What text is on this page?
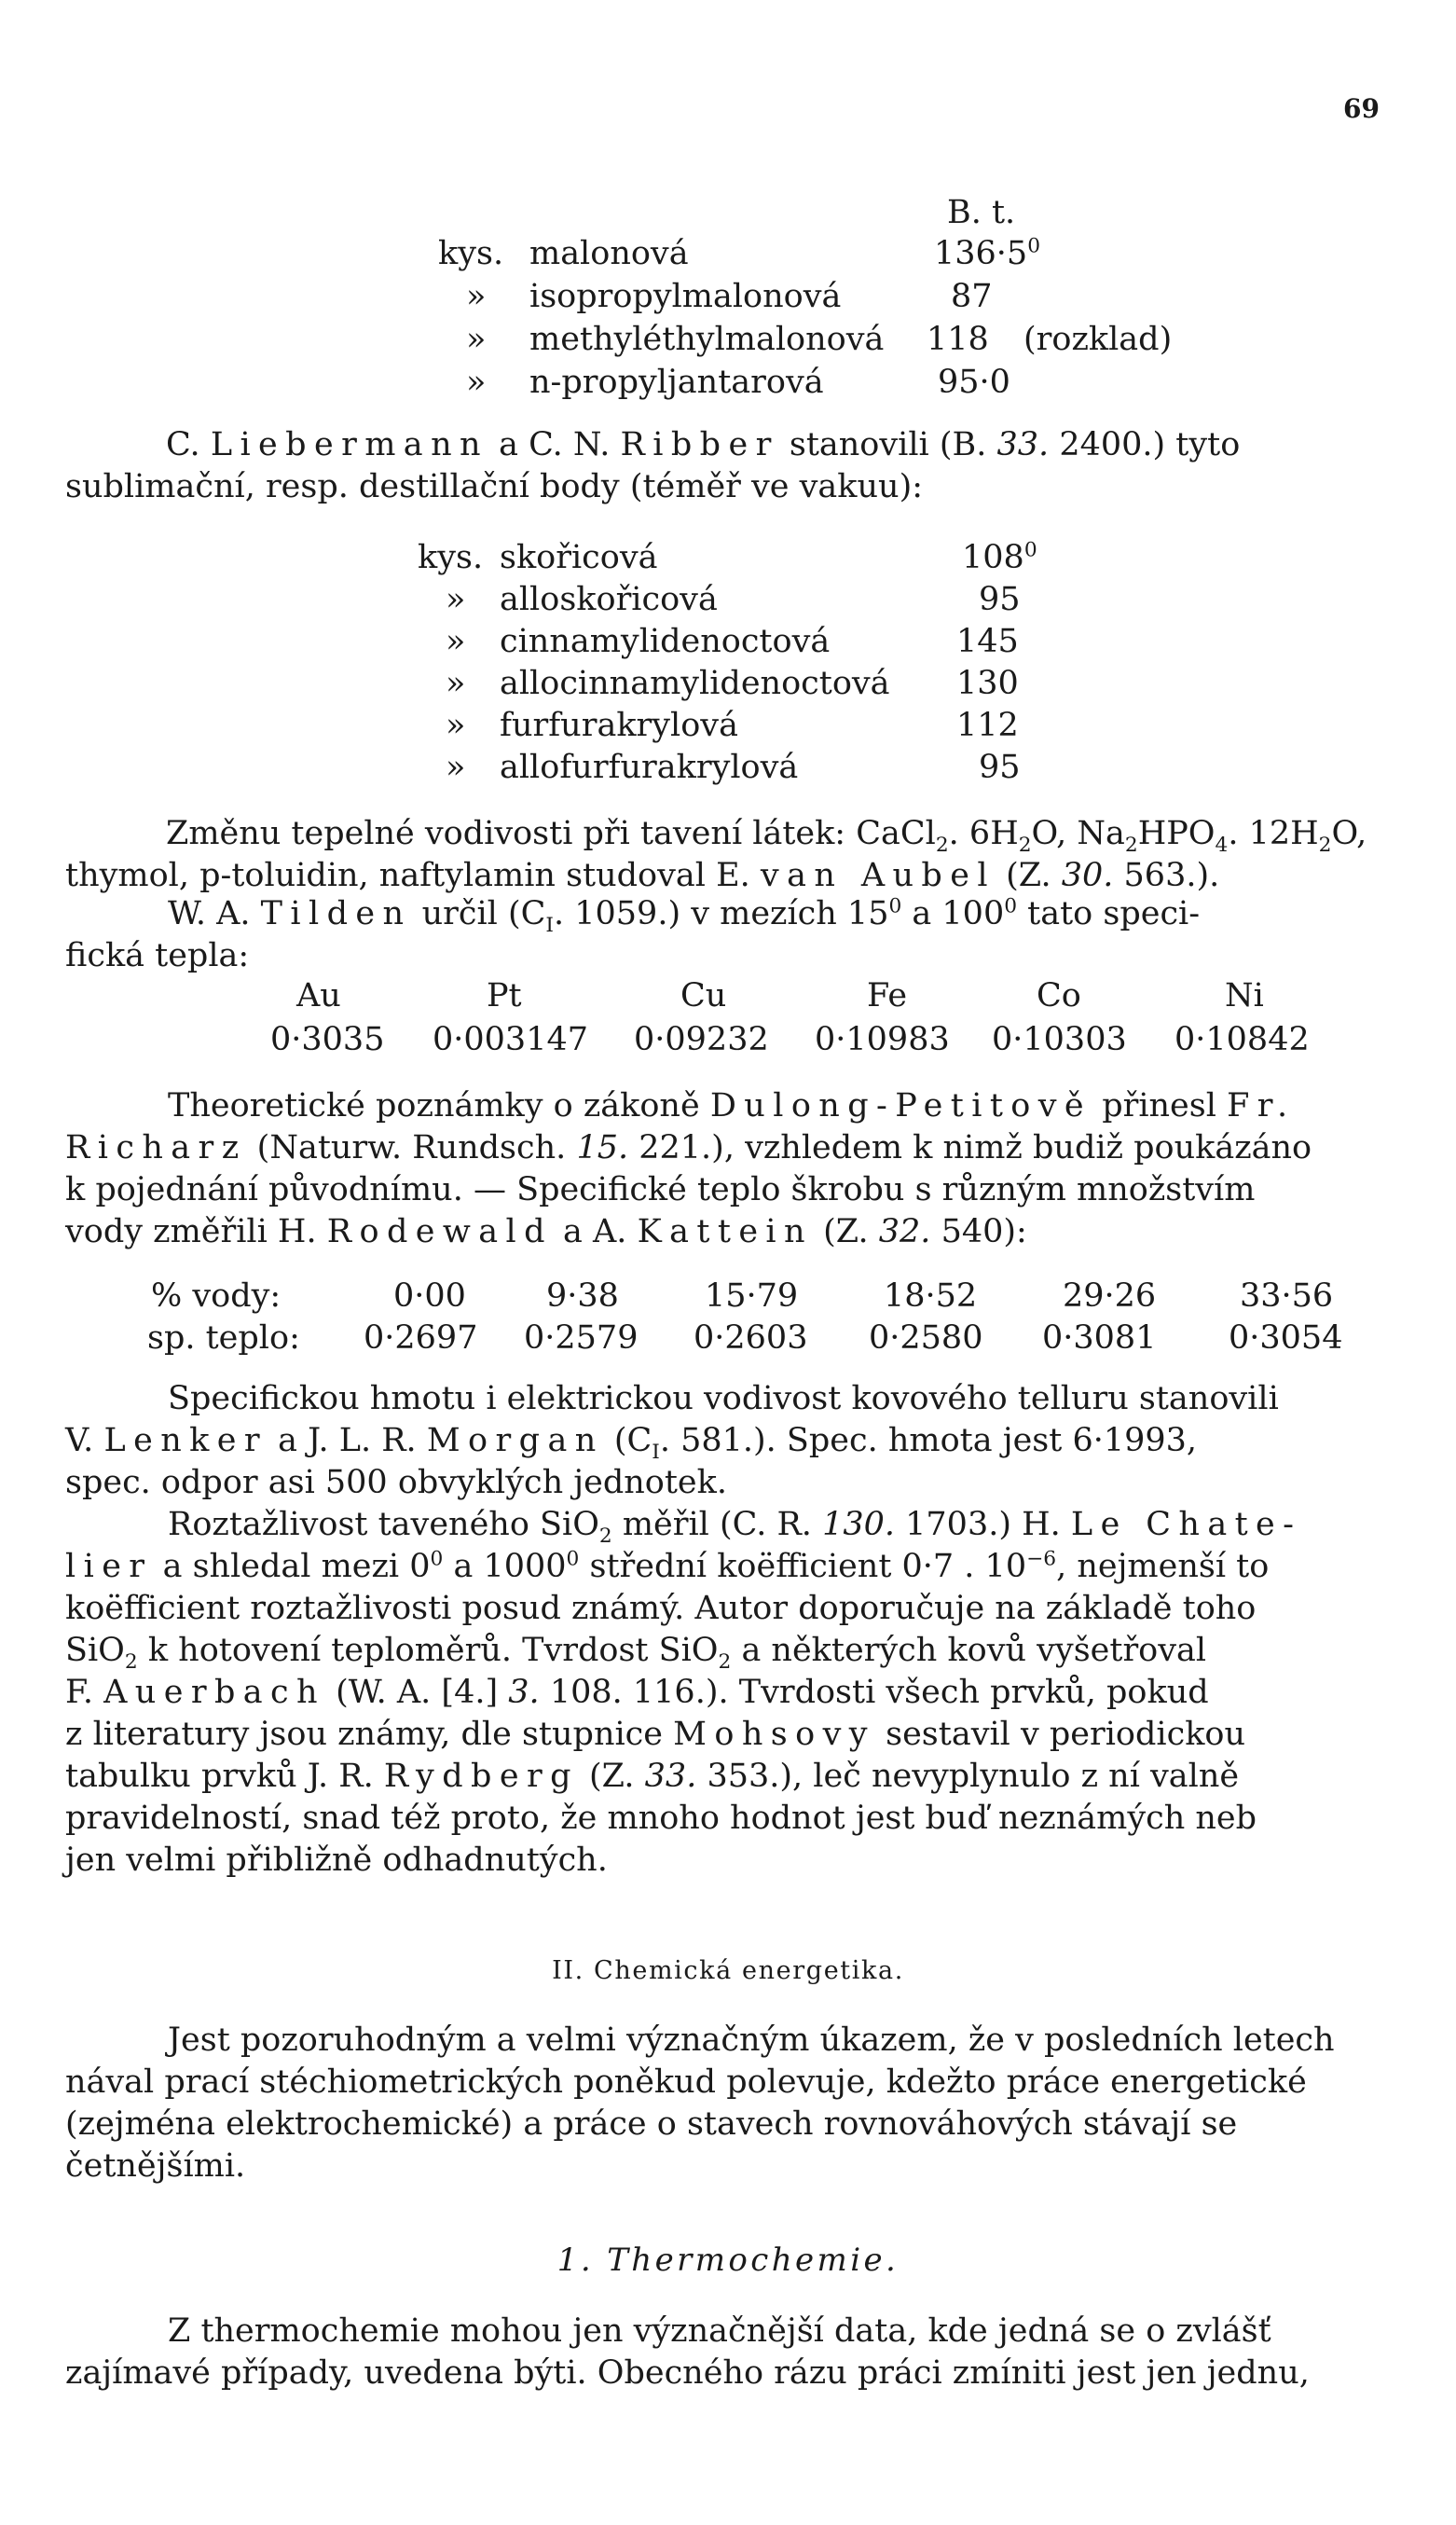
69
B. t.
kys. malonová	$136\cdot 5^0$
» isopropylmalonová	87
» methyléthylmalonová 118 (rozklad)
» n-propyljantarová	95·0
C. Liebermann a C. N. Ribber stanovili (B. 33. 2400.) tyto
sublimační, resp. destillační body (téměř ve vakuu):
kys. skořicová	$108^0$
» alloskořicová	95
» cinnamylidenoctová	145
» allocinnamylidenoctová 130
» furfurakrylová	112
» allofurfurakrylová	95
Změnu tepelné vodivosti při tavení látek: CaCl$_2$. $6H_2O$, $Na_2HPO_4$. $12H_2O$,
thymol, p-toluidin, naftylamin studoval E. van Aubel (Z. 30. 563.).
W. A. Tilden určil ($C_I$. 1059.) v mezích $15^0$ a $100^0$ tato speci-
fická tepla:
Au	Pt	Cu	Fe	Co	Ni
0·3035 0·003147 0·09232 0·10983 0·10303 0·10842
Theoretické poznámky o zákoně Dulong-Petitově přinesl Fr.
Richarz (Naturw. Rundsch. 15. 221.), vzhledem k nimž budiž poukázáno
k pojednání původnímu. — Specifické teplo škrobu s různým množstvím
vody změřili H. Rodewald a A. Kattein (Z. 32. 540):
% vody:	0·00 9·38	15·79	18·52	29·26	33·56
sp. teplo: 0·2697 0·2579 0·2603 0·2580 0·3081 0·3054
Specifickou hmotu i elektrickou vodivost kovového telluru stanovili
V. Lenker a J. L. R. Morgan ($C_I$. 581.). Spec. hmota jest 6·1993,
spec. odpor asi 500 obvyklých jednotek.
Roztažlivost taveného SiO$_2$ měřil (C. R. 130. 1703.) H. Le Chate-
lier a shledal mezi $0^0$ a 1000$^0$ střední koëfficient 0·7 . $10^{-6}$, nejmenší to
koëfficient roztažlivosti posud známý. Autor doporučuje na základě toho
SiO$_2$ k hotovení teploměrů. Tvrdost SiO$_2$ a některých kovů vyšetřoval
F. Auerbach (W. A. [4.] 3. 108. 116.). Tvrdosti všech prvků, pokud
z literatury jsou známy, dle stupnice Mohsovy sestavil v periodickou
tabulku prvků J. R. Rydberg (Z. 33. 353.), leč nevyplynulo z ní valně
pravidelností, snad též proto, že mnoho hodnot jest buď neznámých neb
jen velmi přibližně odhadnutých.
II. Chemická energetika.
Jest pozoruhodným a velmi význačným úkazem, že v posledních letech
nával prací stéchiometrických poněkud polevuje, kdežto práce energetické
(zejména elektrochemické) a práce o stavech rovnováhových stávají se
četnějšími.
1. Thermochemie.
Z thermochemie mohou jen význačnější data, kde jedná se o zvlášť
zajímavé případy, uvedena býti. Obecného rázu práci zmíniti jest jen jednu,
